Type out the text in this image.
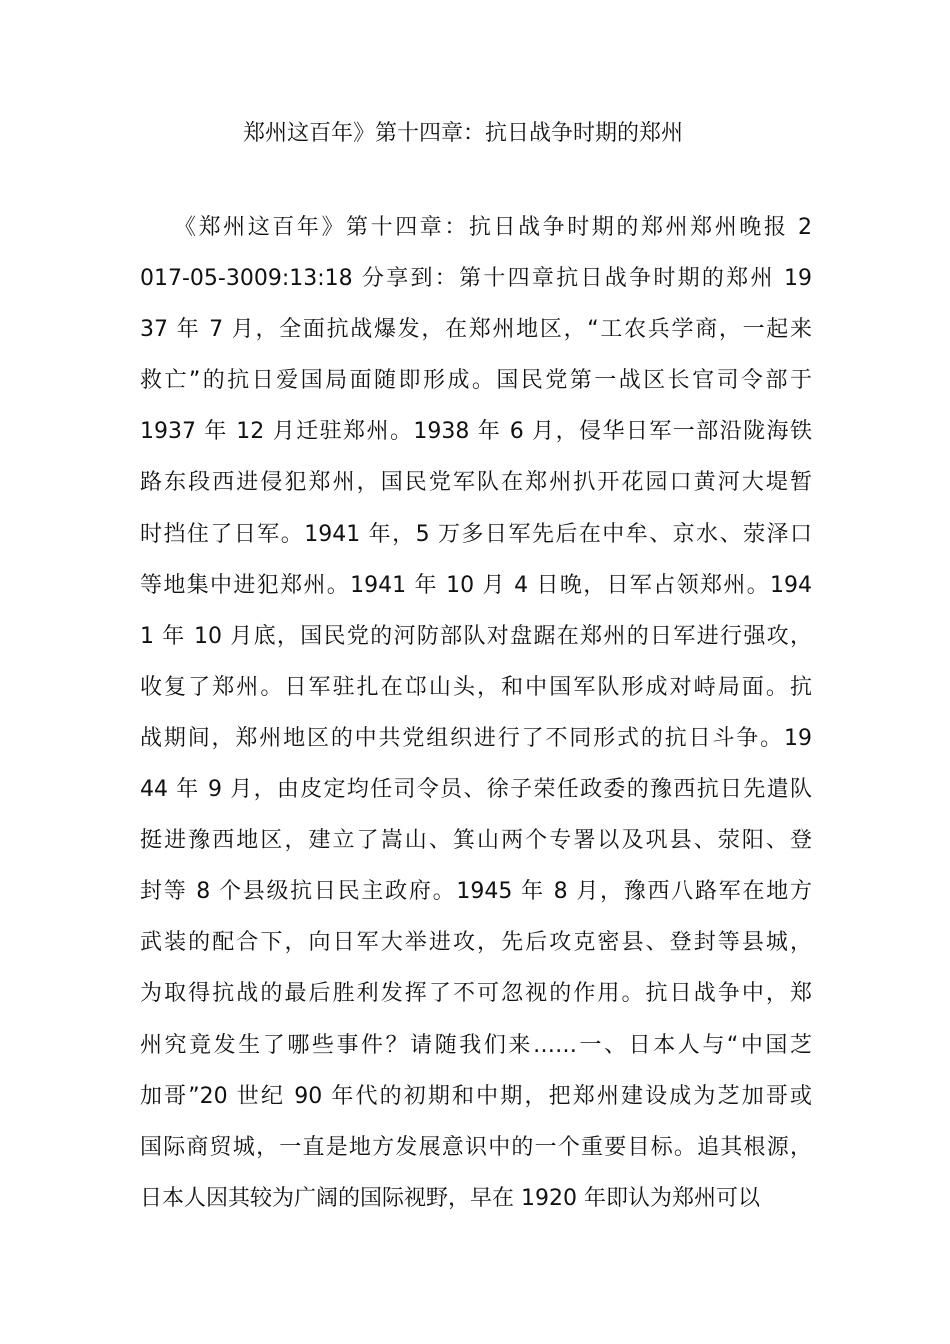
郑州这百年》第十四章：抗日战争时期的郑州
《郑州这百年》第十四章：抗日战争时期的郑州郑州晚报 2
017-05-3009:13:18 分享到：第十四章抗日战争时期的郑州 19
37 年 7 月，全面抗战爆发，在郑州地区，“工农兵学商，一起来
救亡”的抗日爱国局面随即形成。国民党第一战区长官司令部于
1937 年 12 月迁驻郑州。1938 年 6 月，侵华日军一部沿陇海铁
路东段西进侵犯郑州，国民党军队在郑州扒开花园口黄河大堤暂
时挡住了日军。1941 年，5 万多日军先后在中牟、京水、荥泽口
等地集中进犯郑州。1941 年 10 月 4 日晚，日军占领郑州。194
1 年 10 月底，国民党的河防部队对盘踞在郑州的日军进行强攻，
收复了郑州。日军驻扎在邙山头，和中国军队形成对峙局面。抗
战期间，郑州地区的中共党组织进行了不同形式的抗日斗争。19
44 年 9 月，由皮定均任司令员、徐子荣任政委的豫西抗日先遣队
挺进豫西地区，建立了嵩山、箕山两个专署以及巩县、荥阳、登
封等 8 个县级抗日民主政府。1945 年 8 月，豫西八路军在地方
武装的配合下，向日军大举进攻，先后攻克密县、登封等县城，
为取得抗战的最后胜利发挥了不可忽视的作用。抗日战争中，郑
州究竟发生了哪些事件？请随我们来……一、日本人与“中国芝
加哥”20 世纪 90 年代的初期和中期，把郑州建设成为芝加哥或
国际商贸城，一直是地方发展意识中的一个重要目标。追其根源，
日本人因其较为广阔的国际视野，早在 1920 年即认为郑州可以
